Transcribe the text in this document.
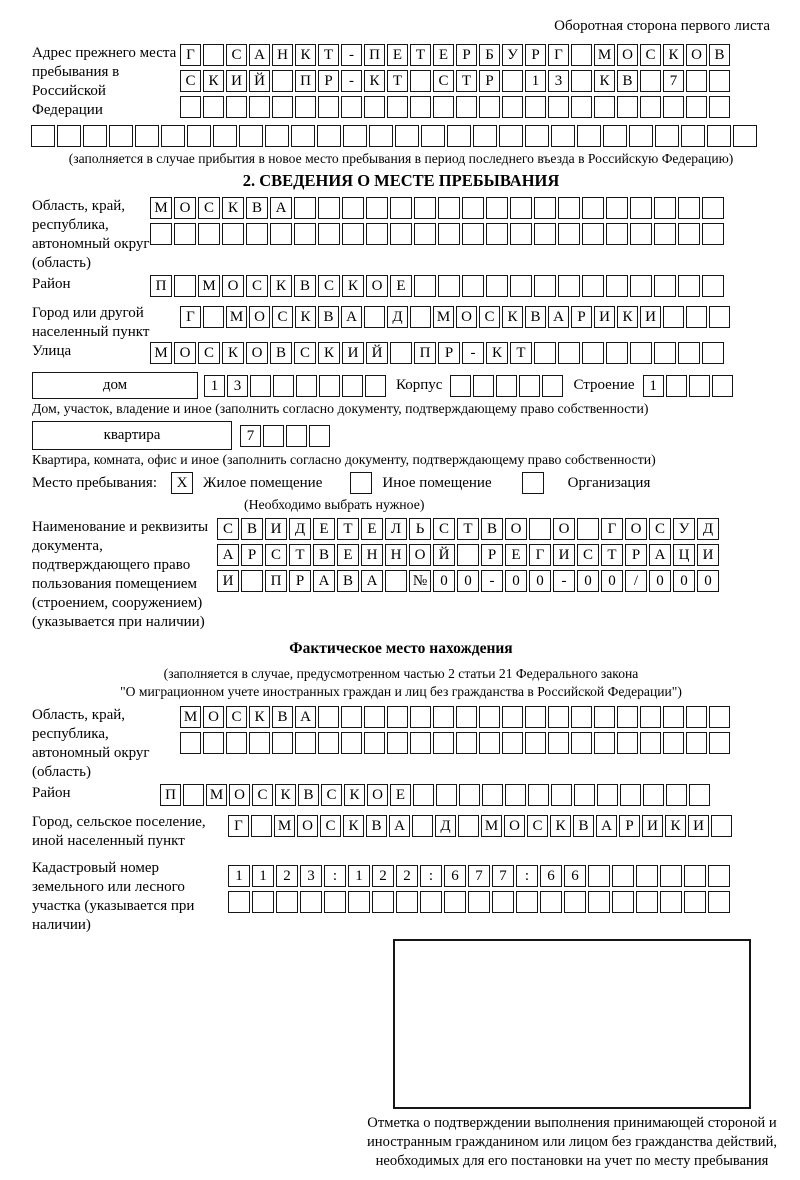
Оборотная сторона первого листа
Адрес прежнего места пребывания в Российской Федерации
Г	С А Н К Т	-	П Е Т Е Р Б У Р Г	М О С К О В
С К И Й	П Р	-	К Т	С Т Р	1	3	К В	7
(заполняется в случае прибытия в новое место пребывания в период последнего въезда в Российскую Федерацию)
2. СВЕДЕНИЯ О МЕСТЕ ПРЕБЫВАНИЯ
Область, край, республика, автономный округ (область)
М О С К В А
Район	П	М О С К В С К О Е
Город или другой населенный пункт
Г	М О С К В А	Д	М О С К В А Р И К И
Улица	М О С К О В С К И Й	П Р	-	К Т
дом	1	3	Корпус	Строение 1
Дом, участок, владение и иное (заполнить согласно документу, подтверждающему право собственности)
квартира	7
Квартира, комната, офис и иное (заполнить согласно документу, подтверждающему право собственности)
Место пребывания:	X	Жилое помещение	Иное помещение	Организация
(Необходимо выбрать нужное)
Наименование и реквизиты документа, подтверждающего право пользования помещением (строением, сооружением) (указывается при наличии)
С В И Д Е Т Е Л Ь С Т В О	О	Г О С У Д
А Р С Т В Е Н Н О Й	Р	Е	Г И С Т	Р А Ц И
И	П Р А В А	№ 0	0	-	0	0	-	0	0	/	0	0	0
Фактическое место нахождения
(заполняется в случае, предусмотренном частью 2 статьи 21 Федерального закона
"О миграционном учете иностранных граждан и лиц без гражданства в Российской Федерации")
Область, край, республика, автономный округ (область)
М О С К В А
Район	П	М О С К В С К О Е
Город, сельское поселение, иной населенный пункт
Г	М О С К В А	Д	М О С К В А Р И К И
Кадастровый номер земельного или лесного участка (указывается при наличии)
1	1	2	3	:	1	2	2	:	6	7	7	:	6	6
Отметка о подтверждении выполнения принимающей стороной и иностранным гражданином или лицом без гражданства действий, необходимых для его постановки на учет по месту пребывания
